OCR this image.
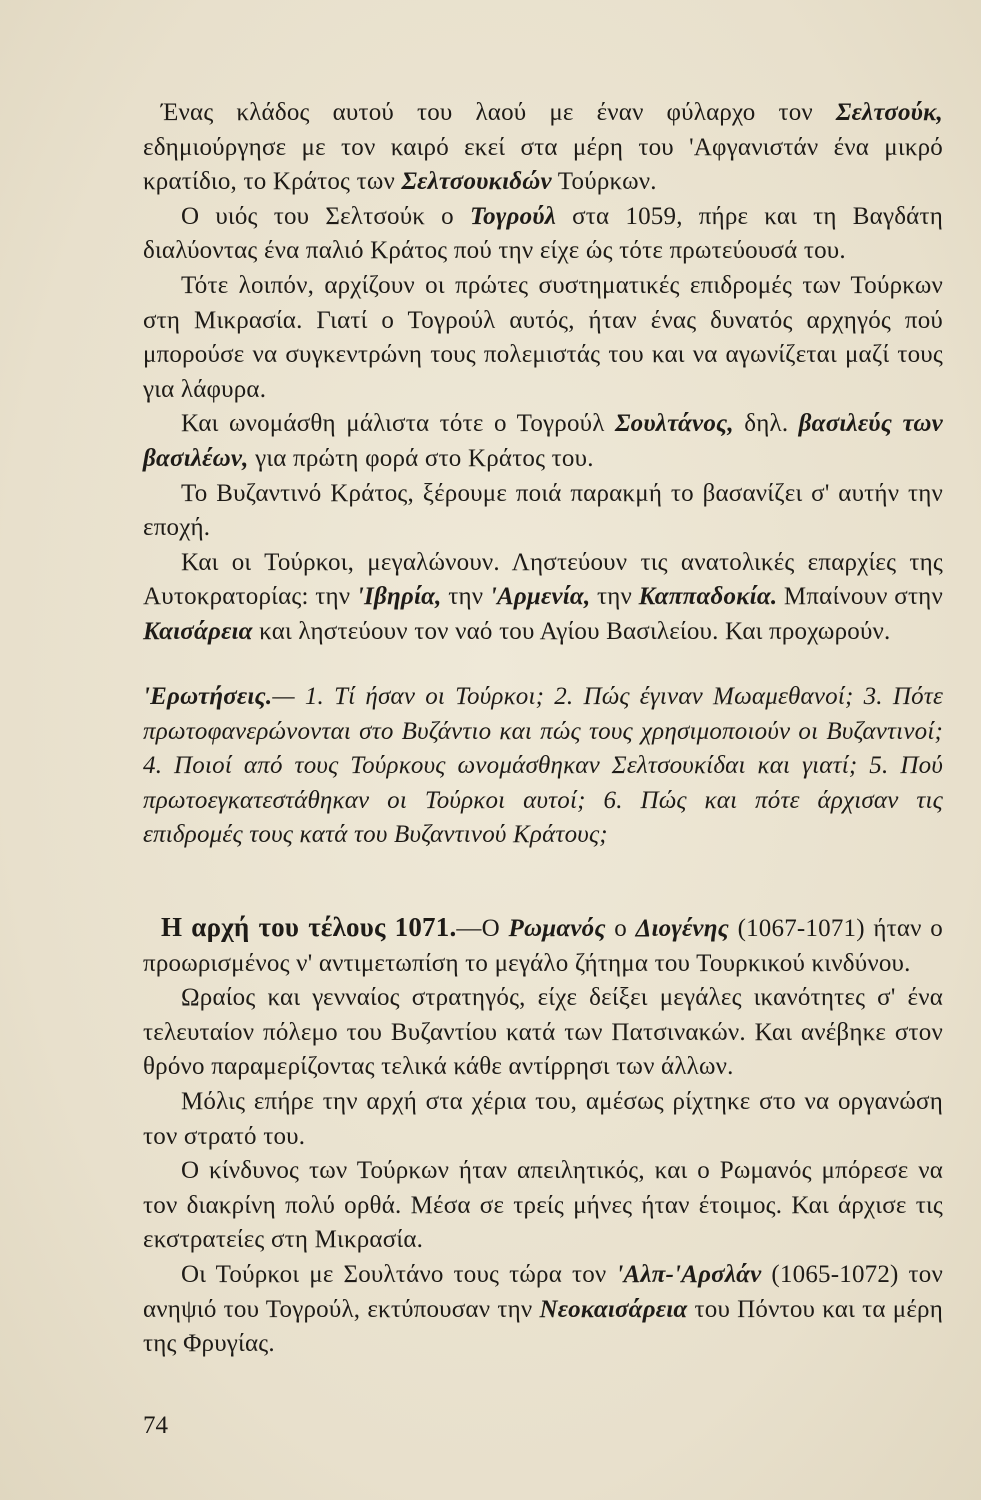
Ένας κλάδος αυτού του λαού με έναν φύλαρχο τον Σελτσούκ, εδημιούργησε με τον καιρό εκεί στα μέρη του 'Αφγανιστάν ένα μικρό κρατίδιο, το Κράτος των Σελτσουκιδών Τούρκων.

Ο υιός του Σελτσούκ ο Τογρούλ στα 1059, πήρε και τη Βαγδάτη διαλύοντας ένα παλιό Κράτος πού την είχε ώς τότε πρωτεύουσά του.

Τότε λοιπόν, αρχίζουν οι πρώτες συστηματικές επιδρομές των Τούρκων στη Μικρασία. Γιατί ο Τογρούλ αυτός, ήταν ένας δυνατός αρχηγός πού μπορούσε να συγκεντρώνη τους πολεμιστάς του και να αγωνίζεται μαζί τους για λάφυρα.

Και ωνομάσθη μάλιστα τότε ο Τογρούλ Σουλτάνος, δηλ. βασιλεύς των βασιλέων, για πρώτη φορά στο Κράτος του.

Το Βυζαντινό Κράτος, ξέρουμε ποιά παρακμή το βασανίζει σ' αυτήν την εποχή.

Και οι Τούρκοι, μεγαλώνουν. Ληστεύουν τις ανατολικές επαρχίες της Αυτοκρατορίας: την 'Ιβηρία, την 'Αρμενία, την Καππαδοκία. Μπαίνουν στην Καισάρεια και ληστεύουν τον ναό του Αγίου Βασιλείου. Και προχωρούν.

'Ερωτήσεις.— 1. Τί ήσαν οι Τούρκοι; 2. Πώς έγιναν Μωαμεθανοί; 3. Πότε πρωτοφανερώνονται στο Βυζάντιο και πώς τους χρησιμοποιούν οι Βυζαντινοί; 4. Ποιοί από τους Τούρκους ωνομάσθηκαν Σελτσουκίδαι και γιατί; 5. Πού πρωτοεγκατεστάθηκαν οι Τούρκοι αυτοί; 6. Πώς και πότε άρχισαν τις επιδρομές τους κατά του Βυζαντινού Κράτους;

Η αρχή του τέλους 1071.—Ο Ρωμανός ο Διογένης (1067-1071) ήταν ο προωρισμένος ν' αντιμετωπίση το μεγάλο ζήτημα του Τουρκικού κινδύνου.

Ωραίος και γενναίος στρατηγός, είχε δείξει μεγάλες ικανότητες σ' ένα τελευταίον πόλεμο του Βυζαντίου κατά των Πατσινακών. Και ανέβηκε στον θρόνο παραμερίζοντας τελικά κάθε αντίρρησι των άλλων.

Μόλις επήρε την αρχή στα χέρια του, αμέσως ρίχτηκε στο να οργανώση τον στρατό του.

Ο κίνδυνος των Τούρκων ήταν απειλητικός, και ο Ρωμανός μπόρεσε να τον διακρίνη πολύ ορθά. Μέσα σε τρείς μήνες ήταν έτοιμος. Και άρχισε τις εκστρατείες στη Μικρασία.

Οι Τούρκοι με Σουλτάνο τους τώρα τον 'Αλπ-'Αρσλάν (1065-1072) τον ανηψιό του Τογρούλ, εκτύπουσαν την Νεοκαισάρεια του Πόντου και τα μέρη της Φρυγίας.

74
